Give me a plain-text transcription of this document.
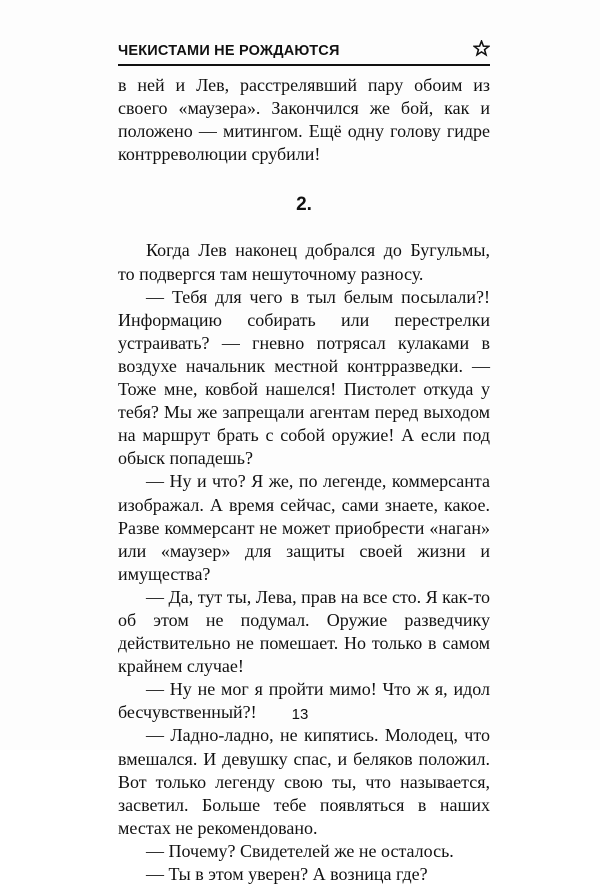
ЧЕКИСТАМИ НЕ РОЖДАЮТСЯ

в ней и Лев, расстрелявший пару обоим из своего «маузера». Закончился же бой, как и положено — митингом. Ещё одну голову гидре контрреволюции срубили!

2.

Когда Лев наконец добрался до Бугульмы, то подвергся там нешуточному разносу.

— Тебя для чего в тыл белым посылали?! Информацию собирать или перестрелки устраивать? — гневно потрясал кулаками в воздухе начальник местной контрразведки. — Тоже мне, ковбой нашелся! Пистолет откуда у тебя? Мы же запрещали агентам перед выходом на маршрут брать с собой оружие! А если под обыск попадешь?

— Ну и что? Я же, по легенде, коммерсанта изображал. А время сейчас, сами знаете, какое. Разве коммерсант не может приобрести «наган» или «маузер» для защиты своей жизни и имущества?

— Да, тут ты, Лева, прав на все сто. Я как-то об этом не подумал. Оружие разведчику действительно не помешает. Но только в самом крайнем случае!

— Ну не мог я пройти мимо! Что ж я, идол бесчувственный?!

— Ладно-ладно, не кипятись. Молодец, что вмешался. И девушку спас, и беляков положил. Вот только легенду свою ты, что называется, засветил. Больше тебе появляться в наших местах не рекомендовано.

— Почему? Свидетелей же не осталось.

— Ты в этом уверен? А возница где?

13
